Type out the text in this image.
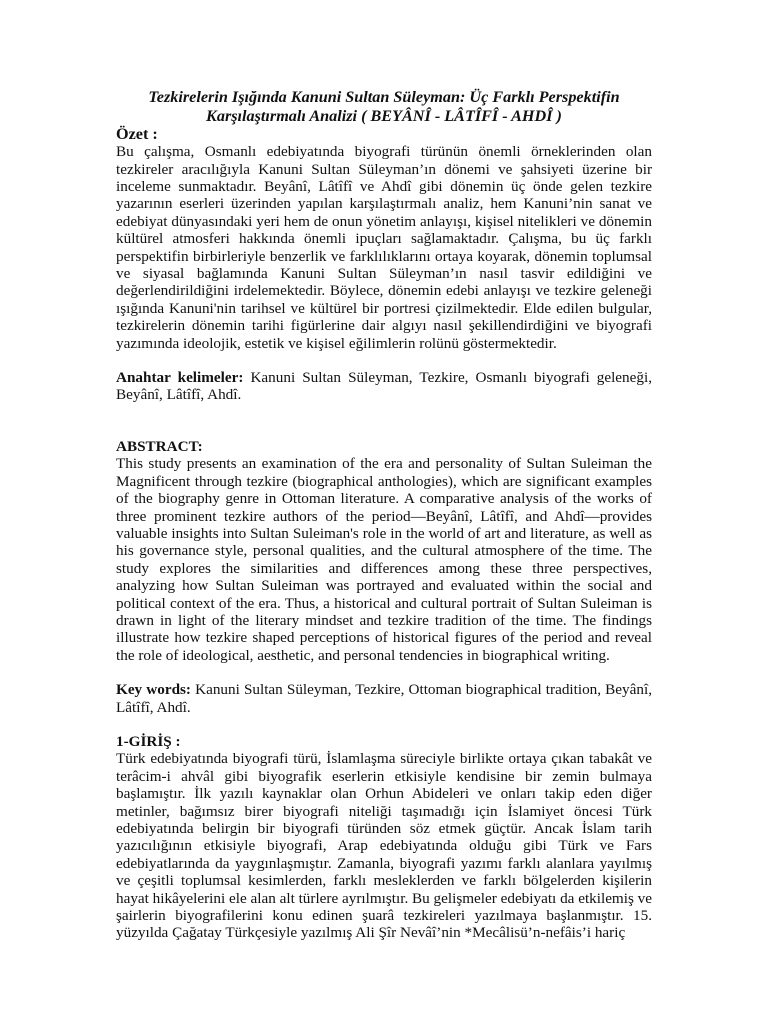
Tezkirelerin Işığında Kanuni Sultan Süleyman: Üç Farklı Perspektifin Karşılaştırmalı Analizi ( BEYÂNÎ - LÂTÎFÎ - AHDÎ )

Özet :

Bu çalışma, Osmanlı edebiyatında biyografi türünün önemli örneklerinden olan tezkireler aracılığıyla Kanuni Sultan Süleyman’ın dönemi ve şahsiyeti üzerine bir inceleme sunmaktadır. Beyânî, Lâtîfî ve Ahdî gibi dönemin üç önde gelen tezkire yazarının eserleri üzerinden yapılan karşılaştırmalı analiz, hem Kanuni’nin sanat ve edebiyat dünyasındaki yeri hem de onun yönetim anlayışı, kişisel nitelikleri ve dönemin kültürel atmosferi hakkında önemli ipuçları sağlamaktadır. Çalışma, bu üç farklı perspektifin birbirleriyle benzerlik ve farklılıklarını ortaya koyarak, dönemin toplumsal ve siyasal bağlamında Kanuni Sultan Süleyman’ın nasıl tasvir edildiğini ve değerlendirildiğini irdelemektedir. Böylece, dönemin edebi anlayışı ve tezkire geleneği ışığında Kanuni'nin tarihsel ve kültürel bir portresi çizilmektedir. Elde edilen bulgular, tezkirelerin dönemin tarihi figürlerine dair algıyı nasıl şekillendirdiğini ve biyografi yazımında ideolojik, estetik ve kişisel eğilimlerin rolünü göstermektedir.

Anahtar kelimeler: Kanuni Sultan Süleyman, Tezkire, Osmanlı biyografi geleneği, Beyânî, Lâtîfî, Ahdî.

ABSTRACT:

This study presents an examination of the era and personality of Sultan Suleiman the Magnificent through tezkire (biographical anthologies), which are significant examples of the biography genre in Ottoman literature. A comparative analysis of the works of three prominent tezkire authors of the period—Beyânî, Lâtîfî, and Ahdî—provides valuable insights into Sultan Suleiman's role in the world of art and literature, as well as his governance style, personal qualities, and the cultural atmosphere of the time. The study explores the similarities and differences among these three perspectives, analyzing how Sultan Suleiman was portrayed and evaluated within the social and political context of the era. Thus, a historical and cultural portrait of Sultan Suleiman is drawn in light of the literary mindset and tezkire tradition of the time. The findings illustrate how tezkire shaped perceptions of historical figures of the period and reveal the role of ideological, aesthetic, and personal tendencies in biographical writing.

Key words: Kanuni Sultan Süleyman, Tezkire, Ottoman biographical tradition, Beyânî, Lâtîfî, Ahdî.

1-GİRİŞ :

Türk edebiyatında biyografi türü, İslamlaşma süreciyle birlikte ortaya çıkan tabakât ve terâcim-i ahvâl gibi biyografik eserlerin etkisiyle kendisine bir zemin bulmaya başlamıştır. İlk yazılı kaynaklar olan Orhun Abideleri ve onları takip eden diğer metinler, bağımsız birer biyografi niteliği taşımadığı için İslamiyet öncesi Türk edebiyatında belirgin bir biyografi türünden söz etmek güçtür. Ancak İslam tarih yazıcılığının etkisiyle biyografi, Arap edebiyatında olduğu gibi Türk ve Fars edebiyatlarında da yaygınlaşmıştır. Zamanla, biyografi yazımı farklı alanlara yayılmış ve çeşitli toplumsal kesimlerden, farklı mesleklerden ve farklı bölgelerden kişilerin hayat hikâyelerini ele alan alt türlere ayrılmıştır. Bu gelişmeler edebiyatı da etkilemiş ve şairlerin biyografilerini konu edinen şuarâ tezkireleri yazılmaya başlanmıştır. 15. yüzyılda Çağatay Türkçesiyle yazılmış Ali Şîr Nevâî’nin *Mecâlisü’n-nefâis’i hariç
